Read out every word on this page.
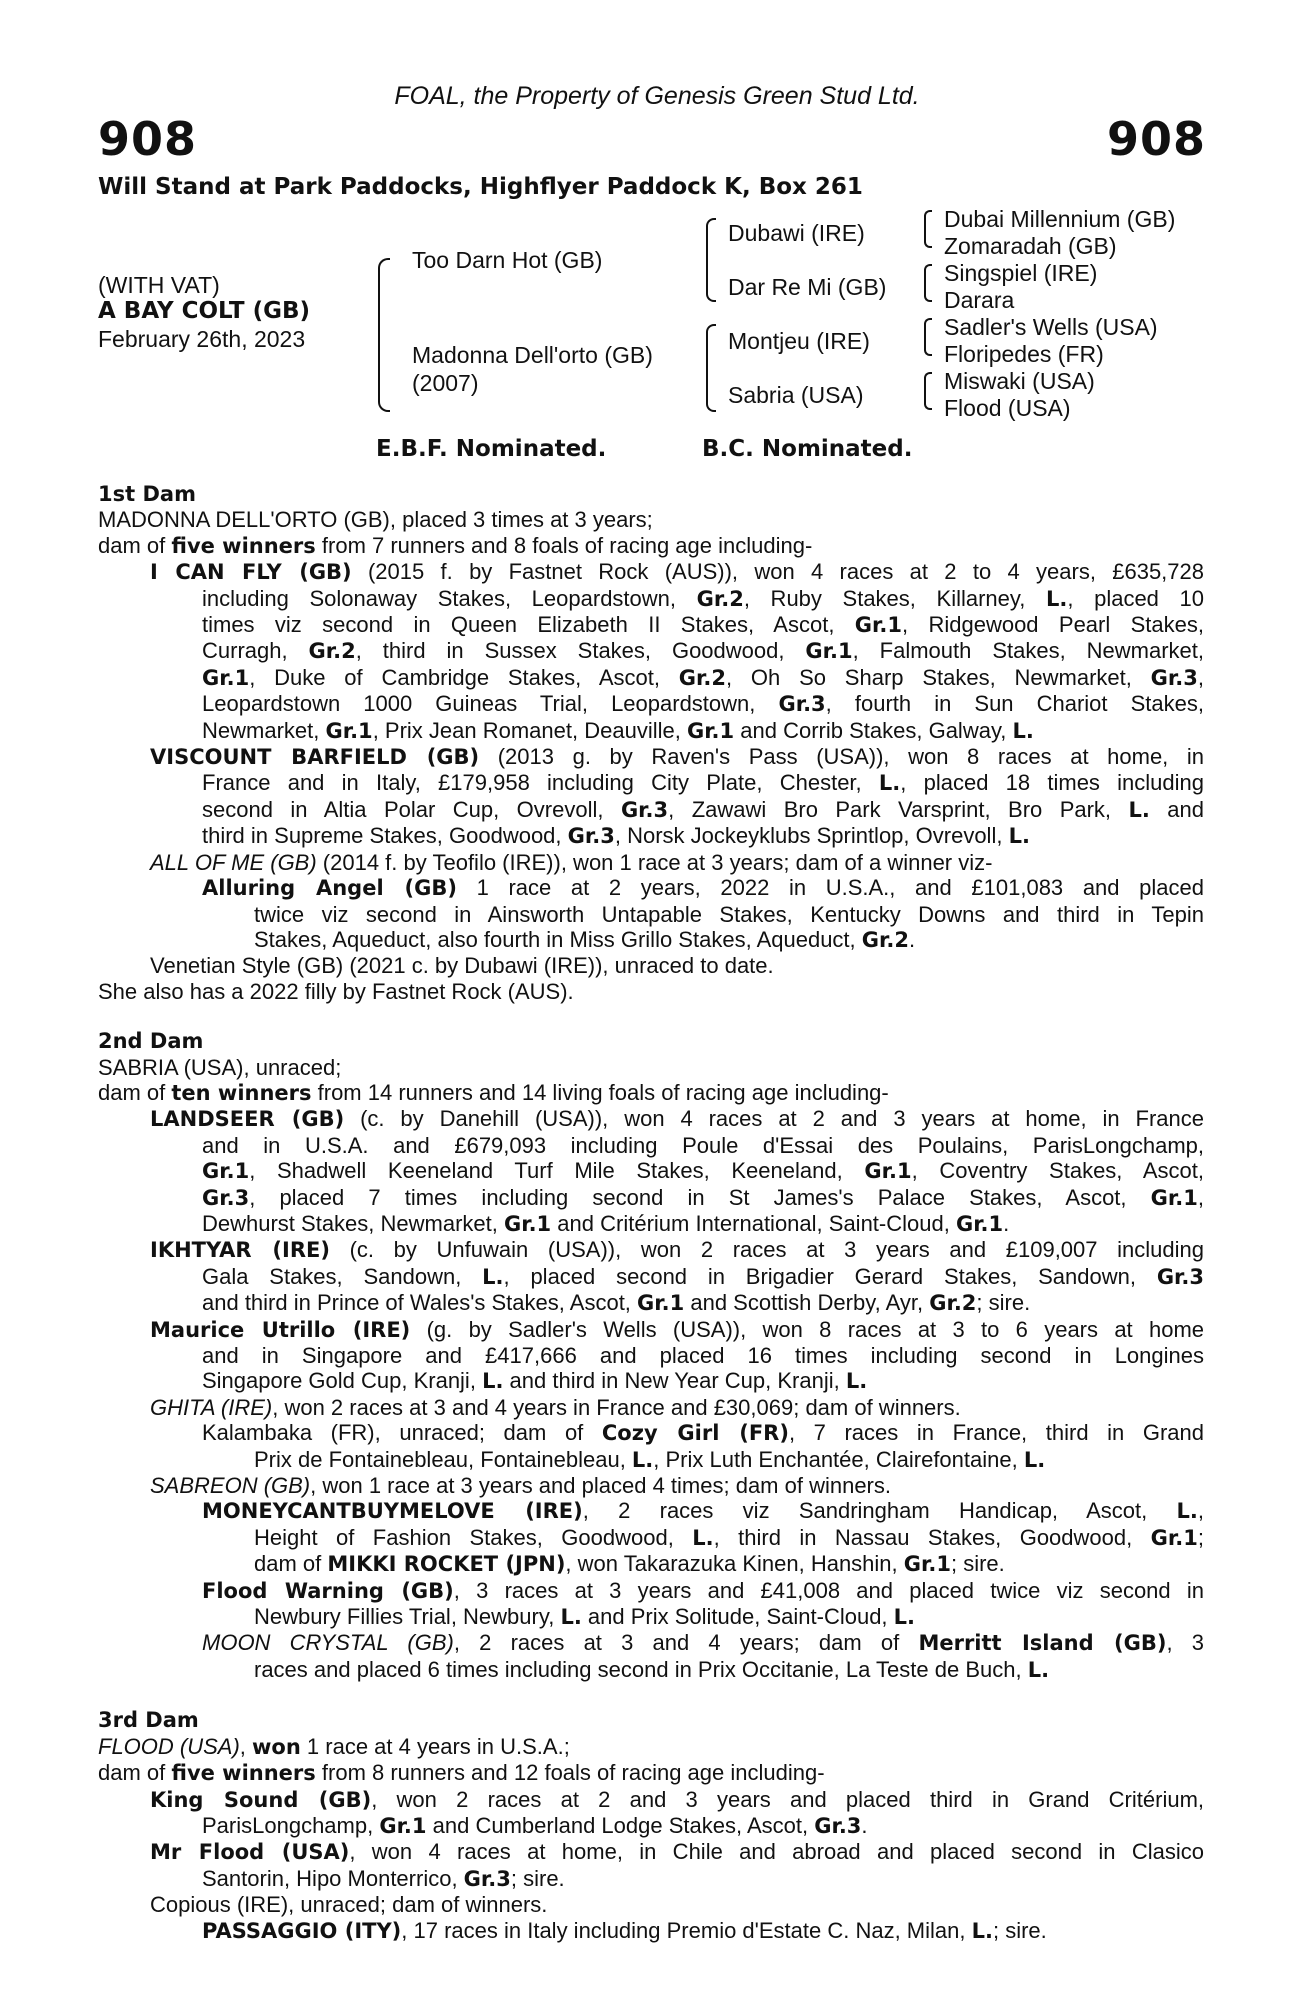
FOAL, the Property of Genesis Green Stud Ltd.
908	908
Will Stand at Park Paddocks, Highflyer Paddock K, Box 261
(WITH VAT)
A BAY COLT (GB)
February 26th, 2023
Too Darn Hot (GB)
Madonna Dell'orto (GB)
(2007)
Dubawi (IRE)
Dar Re Mi (GB)
Montjeu (IRE)
Sabria (USA)
Dubai Millennium (GB)
Zomaradah (GB)
Singspiel (IRE)
Darara
Sadler's Wells (USA)
Floripedes (FR)
Miswaki (USA)
Flood (USA)
E.B.F. Nominated.	B.C. Nominated.
1st Dam
MADONNA DELL'ORTO (GB), placed 3 times at 3 years;
dam of five winners from 7 runners and 8 foals of racing age including-
I CAN FLY (GB) (2015 f. by Fastnet Rock (AUS)), won 4 races at 2 to 4 years, £635,728
including Solonaway Stakes, Leopardstown, Gr.2, Ruby Stakes, Killarney, L., placed 10
times viz second in Queen Elizabeth II Stakes, Ascot, Gr.1, Ridgewood Pearl Stakes,
Curragh, Gr.2, third in Sussex Stakes, Goodwood, Gr.1, Falmouth Stakes, Newmarket,
Gr.1, Duke of Cambridge Stakes, Ascot, Gr.2, Oh So Sharp Stakes, Newmarket, Gr.3,
Leopardstown 1000 Guineas Trial, Leopardstown, Gr.3, fourth in Sun Chariot Stakes,
Newmarket, Gr.1, Prix Jean Romanet, Deauville, Gr.1 and Corrib Stakes, Galway, L.
VISCOUNT BARFIELD (GB) (2013 g. by Raven's Pass (USA)), won 8 races at home, in
France and in Italy, £179,958 including City Plate, Chester, L., placed 18 times including
second in Altia Polar Cup, Ovrevoll, Gr.3, Zawawi Bro Park Varsprint, Bro Park, L. and
third in Supreme Stakes, Goodwood, Gr.3, Norsk Jockeyklubs Sprintlop, Ovrevoll, L.
ALL OF ME (GB) (2014 f. by Teofilo (IRE)), won 1 race at 3 years; dam of a winner viz-
Alluring Angel (GB) 1 race at 2 years, 2022 in U.S.A., and £101,083 and placed
twice viz second in Ainsworth Untapable Stakes, Kentucky Downs and third in Tepin
Stakes, Aqueduct, also fourth in Miss Grillo Stakes, Aqueduct, Gr.2.
Venetian Style (GB) (2021 c. by Dubawi (IRE)), unraced to date.
She also has a 2022 filly by Fastnet Rock (AUS).
2nd Dam
SABRIA (USA), unraced;
dam of ten winners from 14 runners and 14 living foals of racing age including-
LANDSEER (GB) (c. by Danehill (USA)), won 4 races at 2 and 3 years at home, in France
and in U.S.A. and £679,093 including Poule d'Essai des Poulains, ParisLongchamp,
Gr.1, Shadwell Keeneland Turf Mile Stakes, Keeneland, Gr.1, Coventry Stakes, Ascot,
Gr.3, placed 7 times including second in St James's Palace Stakes, Ascot, Gr.1,
Dewhurst Stakes, Newmarket, Gr.1 and Critérium International, Saint-Cloud, Gr.1.
IKHTYAR (IRE) (c. by Unfuwain (USA)), won 2 races at 3 years and £109,007 including
Gala Stakes, Sandown, L., placed second in Brigadier Gerard Stakes, Sandown, Gr.3
and third in Prince of Wales's Stakes, Ascot, Gr.1 and Scottish Derby, Ayr, Gr.2; sire.
Maurice Utrillo (IRE) (g. by Sadler's Wells (USA)), won 8 races at 3 to 6 years at home
and in Singapore and £417,666 and placed 16 times including second in Longines
Singapore Gold Cup, Kranji, L. and third in New Year Cup, Kranji, L.
GHITA (IRE), won 2 races at 3 and 4 years in France and £30,069; dam of winners.
Kalambaka (FR), unraced; dam of Cozy Girl (FR), 7 races in France, third in Grand
Prix de Fontainebleau, Fontainebleau, L., Prix Luth Enchantée, Clairefontaine, L.
SABREON (GB), won 1 race at 3 years and placed 4 times; dam of winners.
MONEYCANTBUYMELOVE (IRE), 2 races viz Sandringham Handicap, Ascot, L.,
Height of Fashion Stakes, Goodwood, L., third in Nassau Stakes, Goodwood, Gr.1;
dam of MIKKI ROCKET (JPN), won Takarazuka Kinen, Hanshin, Gr.1; sire.
Flood Warning (GB), 3 races at 3 years and £41,008 and placed twice viz second in
Newbury Fillies Trial, Newbury, L. and Prix Solitude, Saint-Cloud, L.
MOON CRYSTAL (GB), 2 races at 3 and 4 years; dam of Merritt Island (GB), 3
races and placed 6 times including second in Prix Occitanie, La Teste de Buch, L.
3rd Dam
FLOOD (USA), won 1 race at 4 years in U.S.A.;
dam of five winners from 8 runners and 12 foals of racing age including-
King Sound (GB), won 2 races at 2 and 3 years and placed third in Grand Critérium,
ParisLongchamp, Gr.1 and Cumberland Lodge Stakes, Ascot, Gr.3.
Mr Flood (USA), won 4 races at home, in Chile and abroad and placed second in Clasico
Santorin, Hipo Monterrico, Gr.3; sire.
Copious (IRE), unraced; dam of winners.
PASSAGGIO (ITY), 17 races in Italy including Premio d'Estate C. Naz, Milan, L.; sire.
